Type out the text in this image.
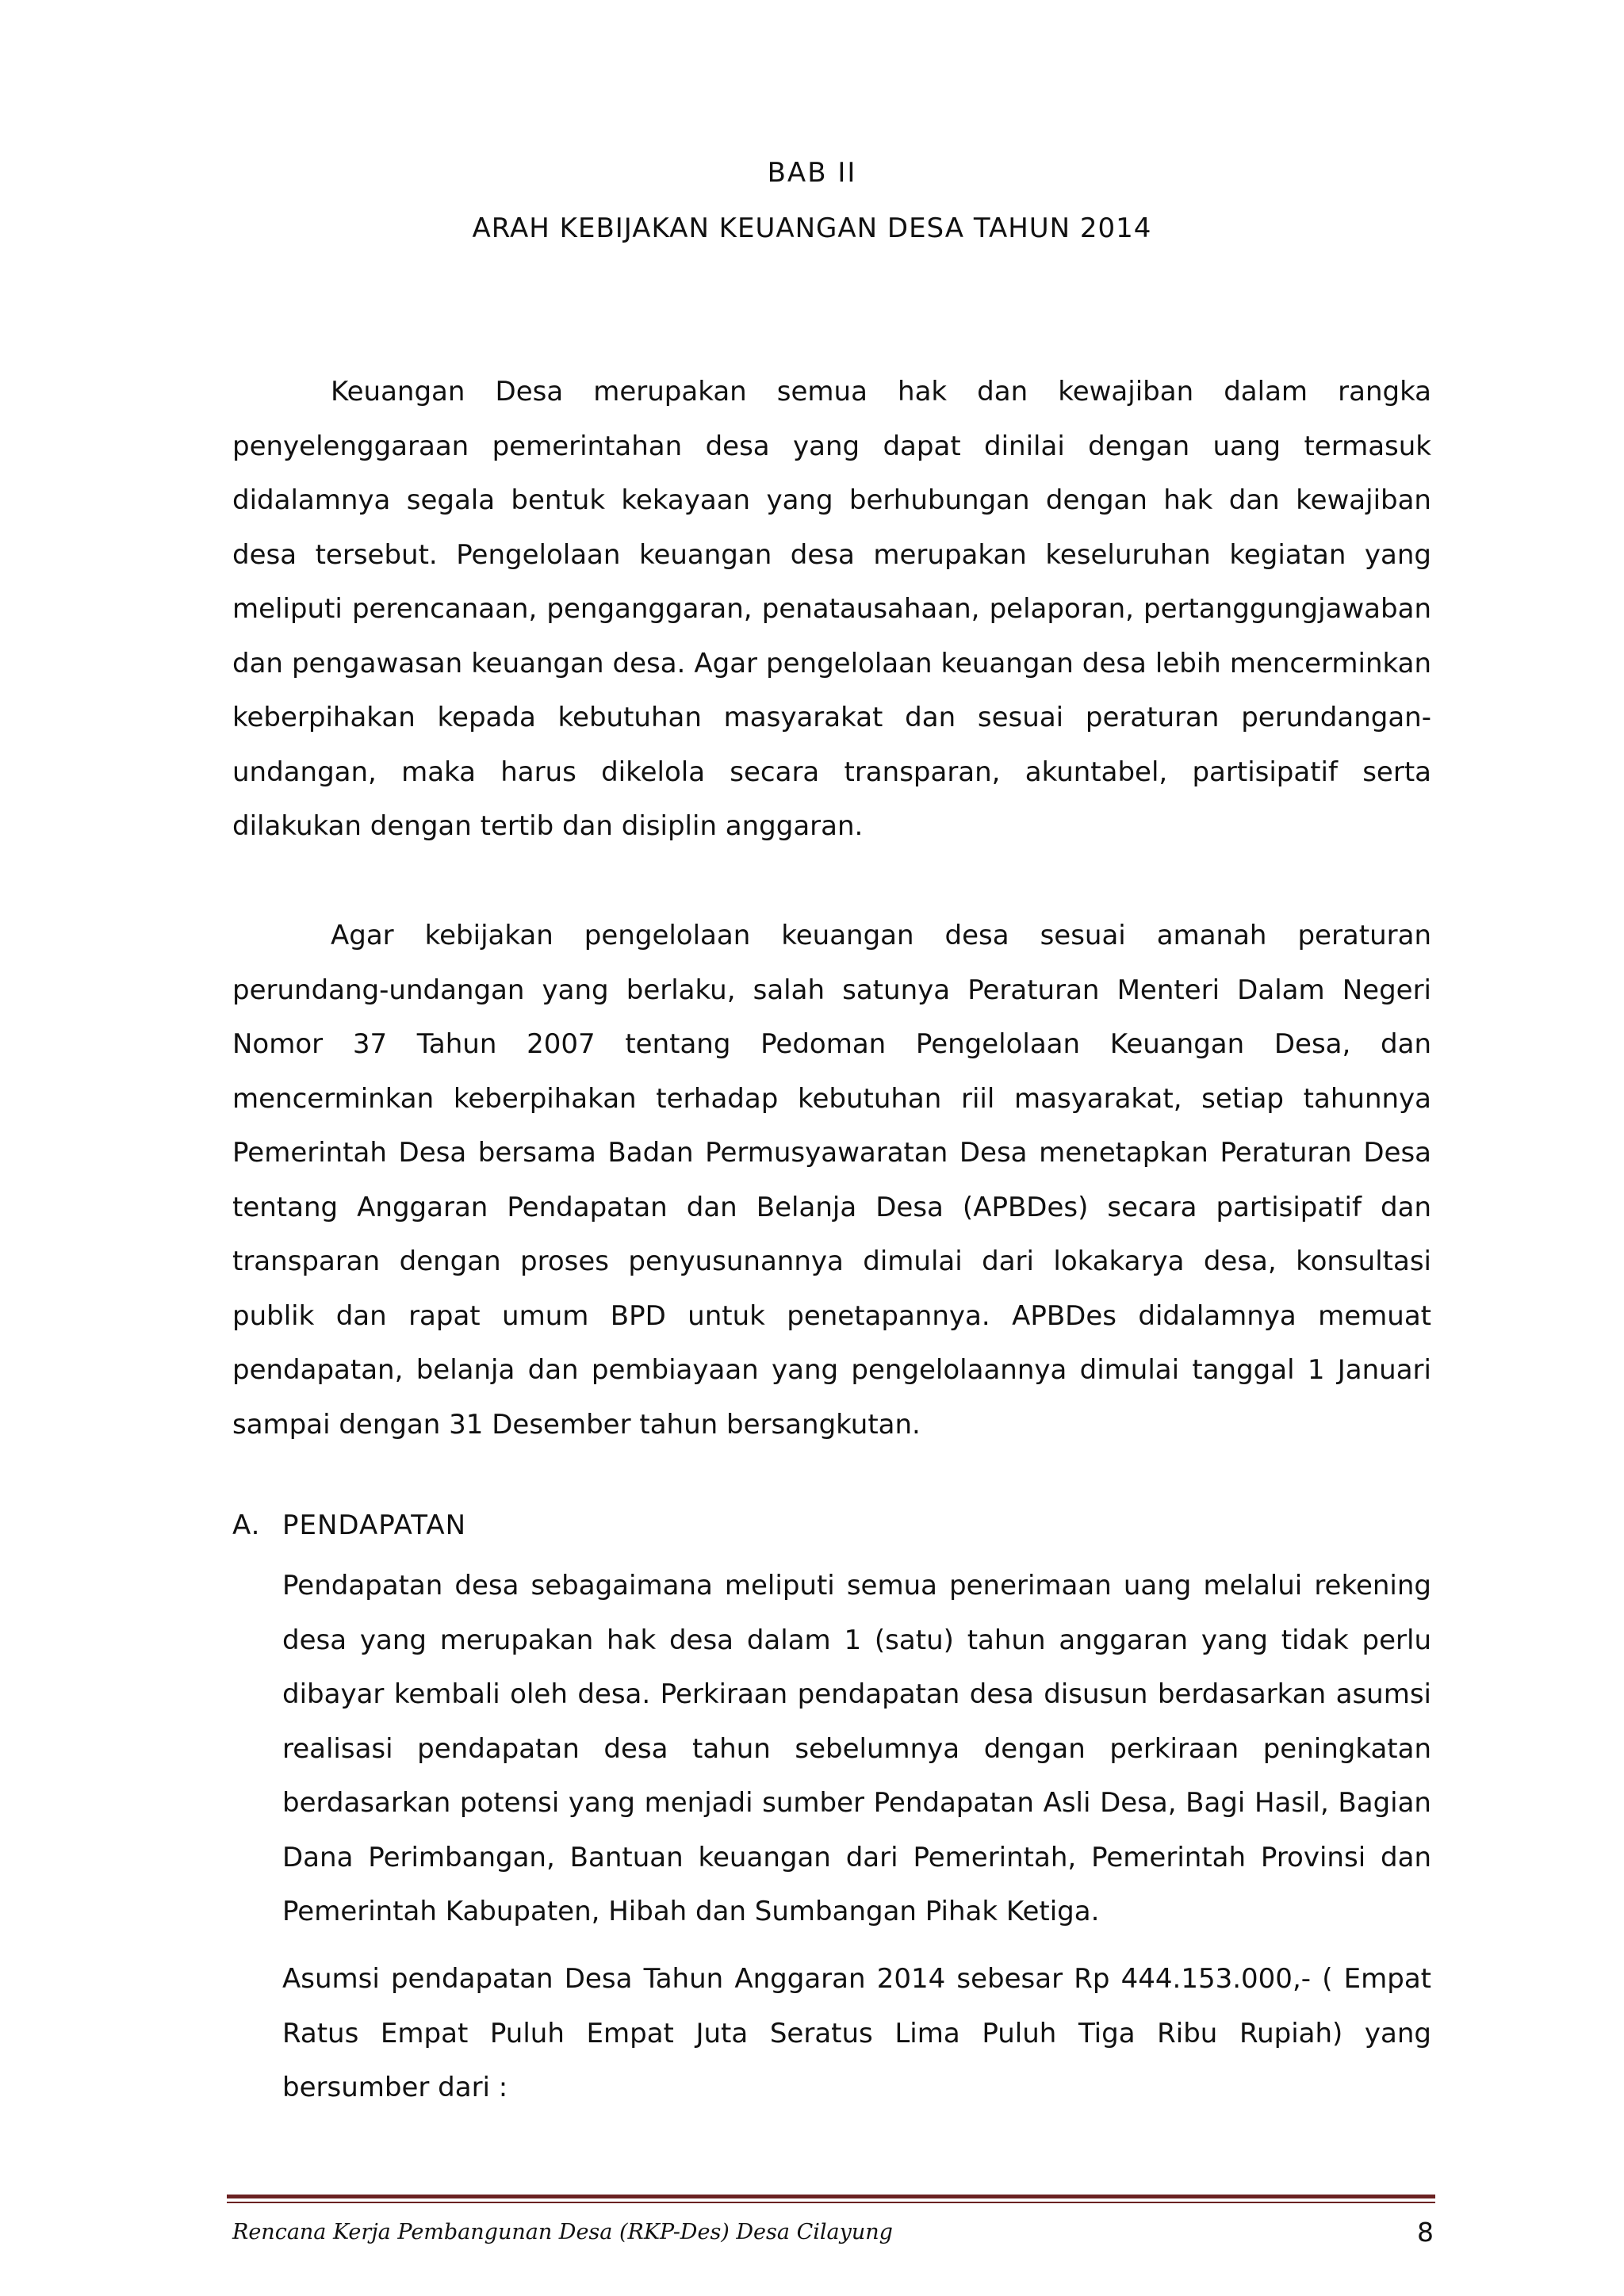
BAB II
ARAH KEBIJAKAN KEUANGAN DESA TAHUN 2014

Keuangan Desa merupakan semua hak dan kewajiban dalam rangka penyelenggaraan pemerintahan desa yang dapat dinilai dengan uang termasuk didalamnya segala bentuk kekayaan yang berhubungan dengan hak dan kewajiban desa tersebut. Pengelolaan keuangan desa merupakan keseluruhan kegiatan yang meliputi perencanaan, penganggaran, penatausahaan, pelaporan, pertanggungjawaban dan pengawasan keuangan desa. Agar pengelolaan keuangan desa lebih mencerminkan keberpihakan kepada kebutuhan masyarakat dan sesuai peraturan perundangan-undangan, maka harus dikelola secara transparan, akuntabel, partisipatif serta dilakukan dengan tertib dan disiplin anggaran.

Agar kebijakan pengelolaan keuangan desa sesuai amanah peraturan perundang-undangan yang berlaku, salah satunya Peraturan Menteri Dalam Negeri Nomor 37 Tahun 2007 tentang Pedoman Pengelolaan Keuangan Desa, dan mencerminkan keberpihakan terhadap kebutuhan riil masyarakat, setiap tahunnya Pemerintah Desa bersama Badan Permusyawaratan Desa menetapkan Peraturan Desa tentang Anggaran Pendapatan dan Belanja Desa (APBDes) secara partisipatif dan transparan dengan proses penyusunannya dimulai dari lokakarya desa, konsultasi publik dan rapat umum BPD untuk penetapannya. APBDes didalamnya memuat pendapatan, belanja dan pembiayaan yang pengelolaannya dimulai tanggal 1 Januari sampai dengan 31 Desember tahun bersangkutan.

A. PENDAPATAN

Pendapatan desa sebagaimana meliputi semua penerimaan uang melalui rekening desa yang merupakan hak desa dalam 1 (satu) tahun anggaran yang tidak perlu dibayar kembali oleh desa. Perkiraan pendapatan desa disusun berdasarkan asumsi realisasi pendapatan desa tahun sebelumnya dengan perkiraan peningkatan berdasarkan potensi yang menjadi sumber Pendapatan Asli Desa, Bagi Hasil, Bagian Dana Perimbangan, Bantuan keuangan dari Pemerintah, Pemerintah Provinsi dan Pemerintah Kabupaten, Hibah dan Sumbangan Pihak Ketiga.

Asumsi pendapatan Desa Tahun Anggaran 2014 sebesar Rp 444.153.000,- ( Empat Ratus Empat Puluh Empat Juta Seratus Lima Puluh Tiga Ribu Rupiah) yang bersumber dari :

Rencana Kerja Pembangunan Desa (RKP-Des) Desa Cilayung	8
